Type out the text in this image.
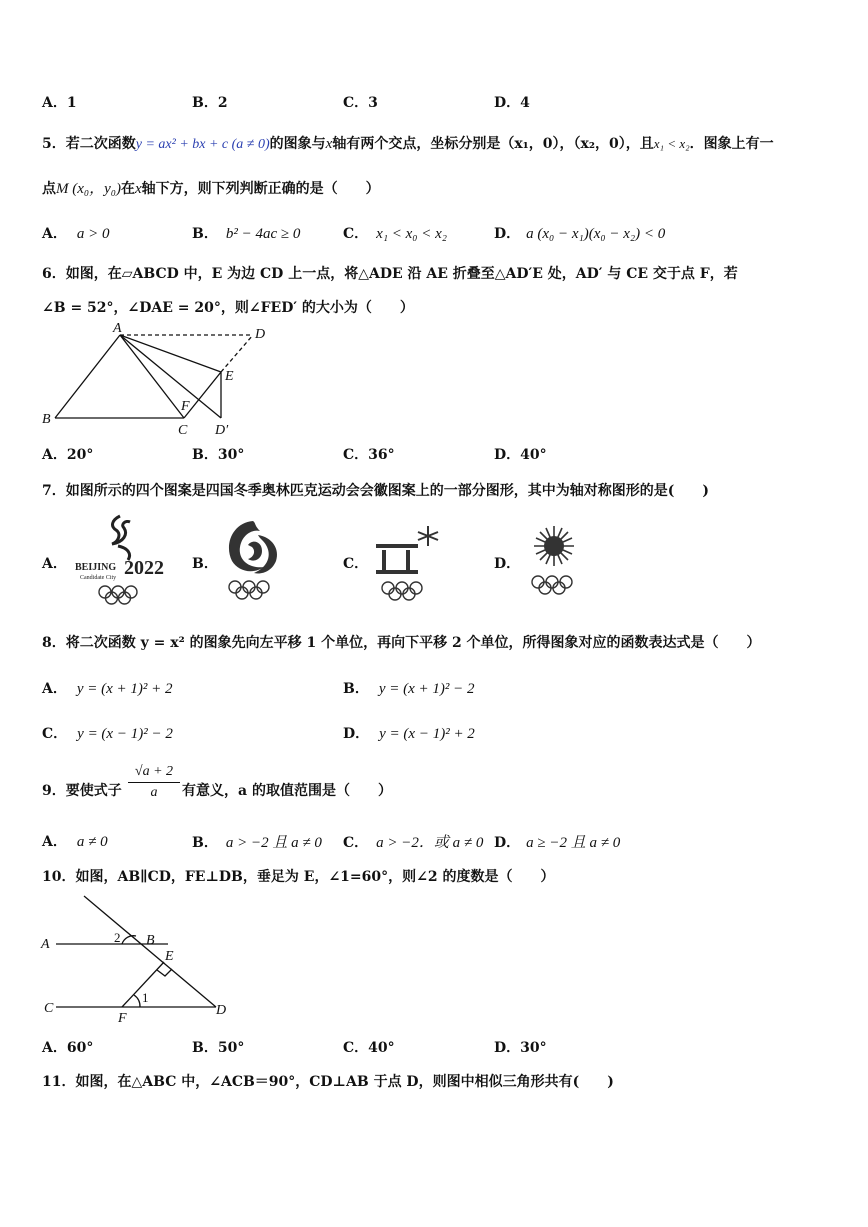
A．1	B．2	C．3	D．4
5．若二次函数y = ax² + bx + c (a ≠ 0)的图象与x轴有两个交点，坐标分别是（x₁，0），（x₂，0），且x₁ < x₂．图象上有一
点M (x₀，y₀)在x轴下方，则下列判断正确的是（　　）
A． a > 0	B． b² − 4ac ≥ 0	C． x₁ < x₀ < x₂	D． a (x₀ − x₁)(x₀ − x₂) < 0
6．如图，在▱ABCD 中，E 为边 CD 上一点，将△ADE 沿 AE 折叠至△AD′E 处，AD′ 与 CE 交于点 F，若
∠B = 52°，∠DAE = 20°，则∠FED′ 的大小为（　　）
A
B
C
D
E
F
D′
A．20°	B．30°	C．36°	D．40°
7．如图所示的四个图案是四国冬季奥林匹克运动会会徽图案上的一部分图形，其中为轴对称图形的是(　　)
A． BEIJING 2022
Candidate City
B．	C．	D．
8．将二次函数 y = x² 的图象先向左平移 1 个单位，再向下平移 2 个单位，所得图象对应的函数表达式是（　　）
A． y = (x + 1)² + 2	B． y = (x + 1)² − 2
C． y = (x − 1)² − 2	D． y = (x − 1)² + 2
9．要使式子
√a + 2
a	有意义，a 的取值范围是（　　）
A． a ≠ 0	B． a > −2 且 a ≠ 0 C． a > −2．或 a ≠ 0 D． a ≥ −2 且 a ≠ 0
10．如图，AB∥CD，FE⊥DB，垂足为 E，∠1=60°，则∠2 的度数是（　　）
A	B
C	D
E
F
1
2
A．60°	B．50°	C．40°	D．30°
11．如图，在△ABC 中，∠ACB＝90°，CD⊥AB 于点 D，则图中相似三角形共有(　　)
